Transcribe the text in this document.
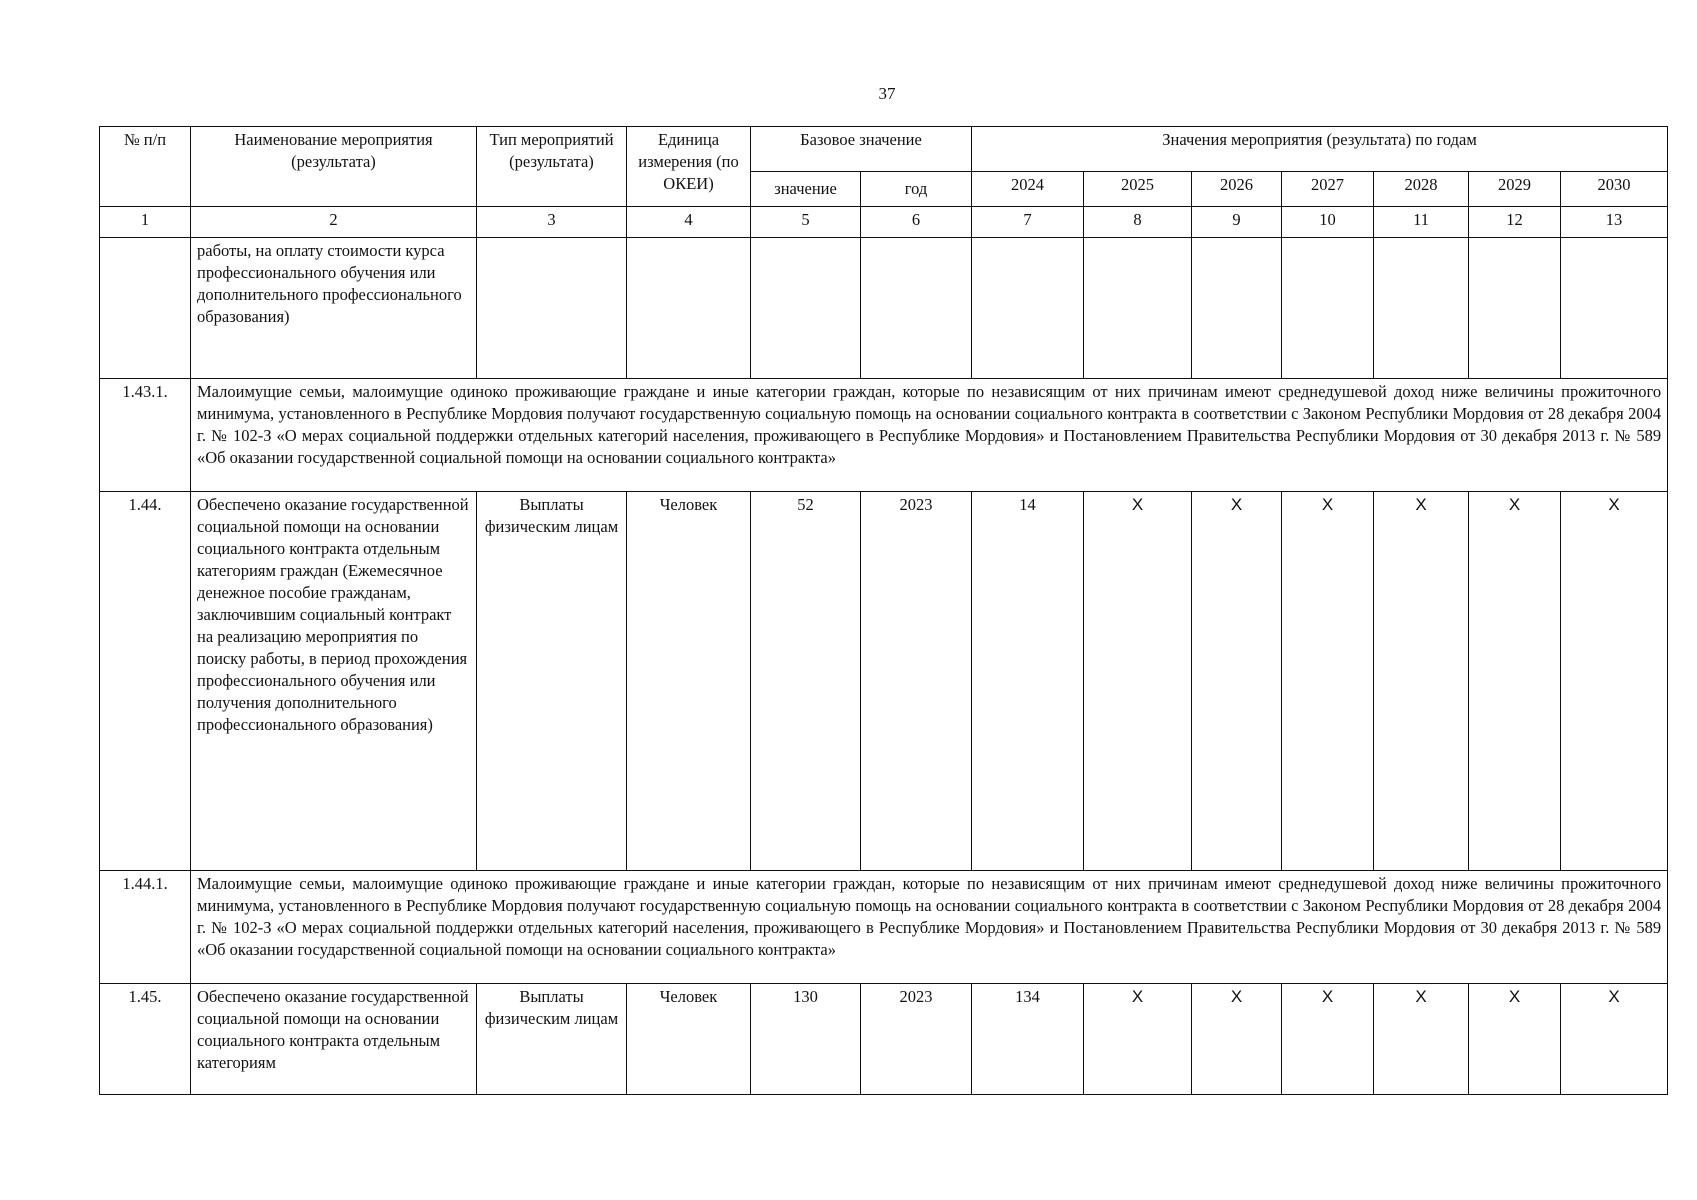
37
№ п/п	Наименование мероприятия (результата)	Тип мероприятий (результата)	Единица измерения (по ОКЕИ)	Базовое значение		Значения мероприятия (результата) по годам						
				значение	год	2024	2025	2026	2027	2028	2029	2030
1	2	3	4	5	6	7	8	9	10	11	12	13
	работы, на оплату стоимости курса профессионального обучения или дополнительного профессионального образования)											
1.43.1.	Малоимущие семьи, малоимущие одиноко проживающие граждане и иные категории граждан, которые по независящим от них причинам имеют среднедушевой доход ниже величины прожиточного минимума, установленного в Республике Мордовия получают государственную социальную помощь на основании социального контракта в соответствии с Законом Республики Мордовия от 28 декабря 2004 г. № 102-З «О мерах социальной поддержки отдельных категорий населения, проживающего в Республике Мордовия» и Постановлением Правительства Республики Мордовия от 30 декабря 2013 г. № 589 «Об оказании государственной социальной помощи на основании социального контракта»											
1.44.	Обеспечено оказание государственной социальной помощи на основании социального контракта отдельным категориям граждан (Ежемесячное денежное пособие гражданам, заключившим социальный контракт на реализацию мероприятия по поиску работы, в период прохождения профессионального обучения или получения дополнительного профессионального образования)	Выплаты физическим лицам	Человек	52	2023	14	Х	Х	Х	Х	Х	Х
1.44.1.	Малоимущие семьи, малоимущие одиноко проживающие граждане и иные категории граждан, которые по независящим от них причинам имеют среднедушевой доход ниже величины прожиточного минимума, установленного в Республике Мордовия получают государственную социальную помощь на основании социального контракта в соответствии с Законом Республики Мордовия от 28 декабря 2004 г. № 102-З «О мерах социальной поддержки отдельных категорий населения, проживающего в Республике Мордовия» и Постановлением Правительства Республики Мордовия от 30 декабря 2013 г. № 589 «Об оказании государственной социальной помощи на основании социального контракта»											
1.45.	Обеспечено оказание государственной социальной помощи на основании социального контракта отдельным категориям	Выплаты физическим лицам	Человек	130	2023	134	Х	Х	Х	Х	Х	Х
